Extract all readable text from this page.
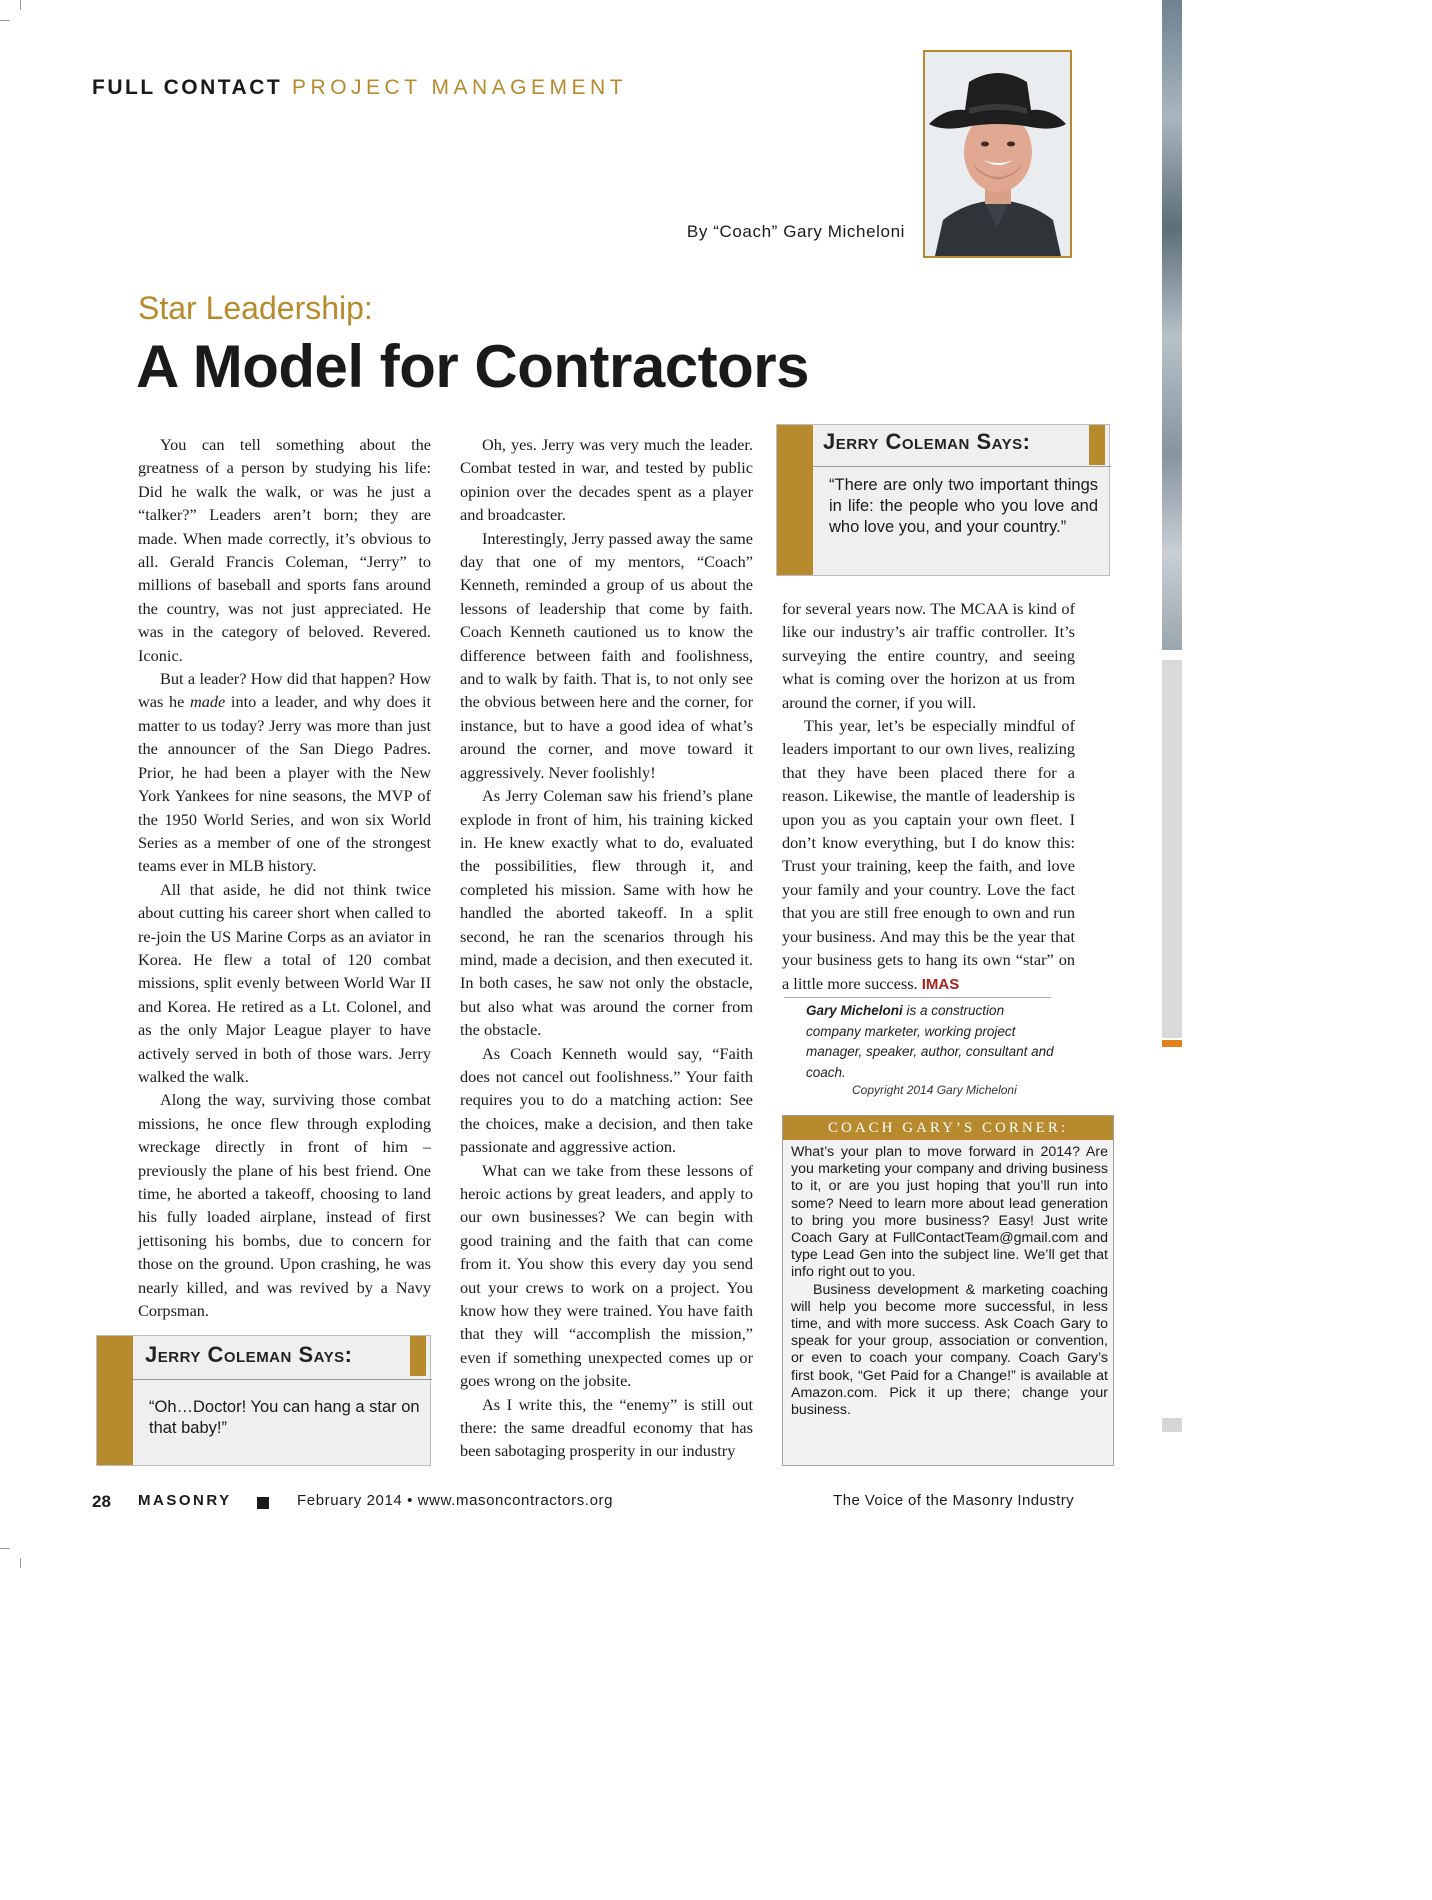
FULL CONTACT PROJECT MANAGEMENT
By “Coach” Gary Micheloni
Star Leadership:
A Model for Contractors

You can tell something about the greatness of a person by studying his life: Did he walk the walk, or was he just a “talker?” Leaders aren’t born; they are made. When made correctly, it’s obvious to all. Gerald Francis Coleman, “Jerry” to millions of baseball and sports fans around the country, was not just appreciated. He was in the category of beloved. Revered. Iconic.

But a leader? How did that happen? How was he made into a leader, and why does it matter to us today? Jerry was more than just the announcer of the San Diego Padres. Prior, he had been a player with the New York Yankees for nine seasons, the MVP of the 1950 World Series, and won six World Series as a member of one of the strongest teams ever in MLB history.

All that aside, he did not think twice about cutting his career short when called to re-join the US Marine Corps as an aviator in Korea. He flew a total of 120 combat missions, split evenly between World War II and Korea. He retired as a Lt. Colonel, and as the only Major League player to have actively served in both of those wars. Jerry walked the walk.

Along the way, surviving those combat missions, he once flew through exploding wreckage directly in front of him – previously the plane of his best friend. One time, he aborted a takeoff, choosing to land his fully loaded airplane, instead of first jettisoning his bombs, due to concern for those on the ground. Upon crashing, he was nearly killed, and was revived by a Navy Corpsman.

Oh, yes. Jerry was very much the leader. Combat tested in war, and tested by public opinion over the decades spent as a player and broadcaster.

Interestingly, Jerry passed away the same day that one of my mentors, “Coach” Kenneth, reminded a group of us about the lessons of leadership that come by faith. Coach Kenneth cautioned us to know the difference between faith and foolishness, and to walk by faith. That is, to not only see the obvious between here and the corner, for instance, but to have a good idea of what’s around the corner, and move toward it aggressively. Never foolishly!

As Jerry Coleman saw his friend’s plane explode in front of him, his training kicked in. He knew exactly what to do, evaluated the possibilities, flew through it, and completed his mission. Same with how he handled the aborted takeoff. In a split second, he ran the scenarios through his mind, made a decision, and then executed it. In both cases, he saw not only the obstacle, but also what was around the corner from the obstacle.

As Coach Kenneth would say, “Faith does not cancel out foolishness.” Your faith requires you to do a matching action: See the choices, make a decision, and then take passionate and aggressive action.

What can we take from these lessons of heroic actions by great leaders, and apply to our own businesses? We can begin with good training and the faith that can come from it. You show this every day you send out your crews to work on a project. You know how they were trained. You have faith that they will “accomplish the mission,” even if something unexpected comes up or goes wrong on the jobsite.

As I write this, the “enemy” is still out there: the same dreadful economy that has been sabotaging prosperity in our industry

for several years now. The MCAA is kind of like our industry’s air traffic controller. It’s surveying the entire country, and seeing what is coming over the horizon at us from around the corner, if you will.

This year, let’s be especially mindful of leaders important to our own lives, realizing that they have been placed there for a reason. Likewise, the mantle of leadership is upon you as you captain your own fleet. I don’t know everything, but I do know this: Trust your training, keep the faith, and love your family and your country. Love the fact that you are still free enough to own and run your business. And may this be the year that your business gets to hang its own “star” on a little more success. IMAS

Jerry Coleman Says:
“There are only two important things in life: the people who you love and who love you, and your country.”
Jerry Coleman Says:
“Oh…Doctor! You can hang a star on that baby!”
Gary Micheloni is a construction company marketer, working project manager, speaker, author, consultant and coach.
Copyright 2014 Gary Micheloni
COACH GARY’S CORNER:

What’s your plan to move forward in 2014? Are you marketing your company and driving business to it, or are you just hoping that you’ll run into some? Need to learn more about lead generation to bring you more business? Easy! Just write Coach Gary at FullContactTeam@gmail.com and type Lead Gen into the subject line. We’ll get that info right out to you.

Business development & marketing coaching will help you become more successful, in less time, and with more success. Ask Coach Gary to speak for your group, association or convention, or even to coach your company. Coach Gary’s first book, “Get Paid for a Change!” is available at Amazon.com. Pick it up there; change your business.

28 MASONRY	February 2014 • www.masoncontractors.org	The Voice of the Masonry Industry
